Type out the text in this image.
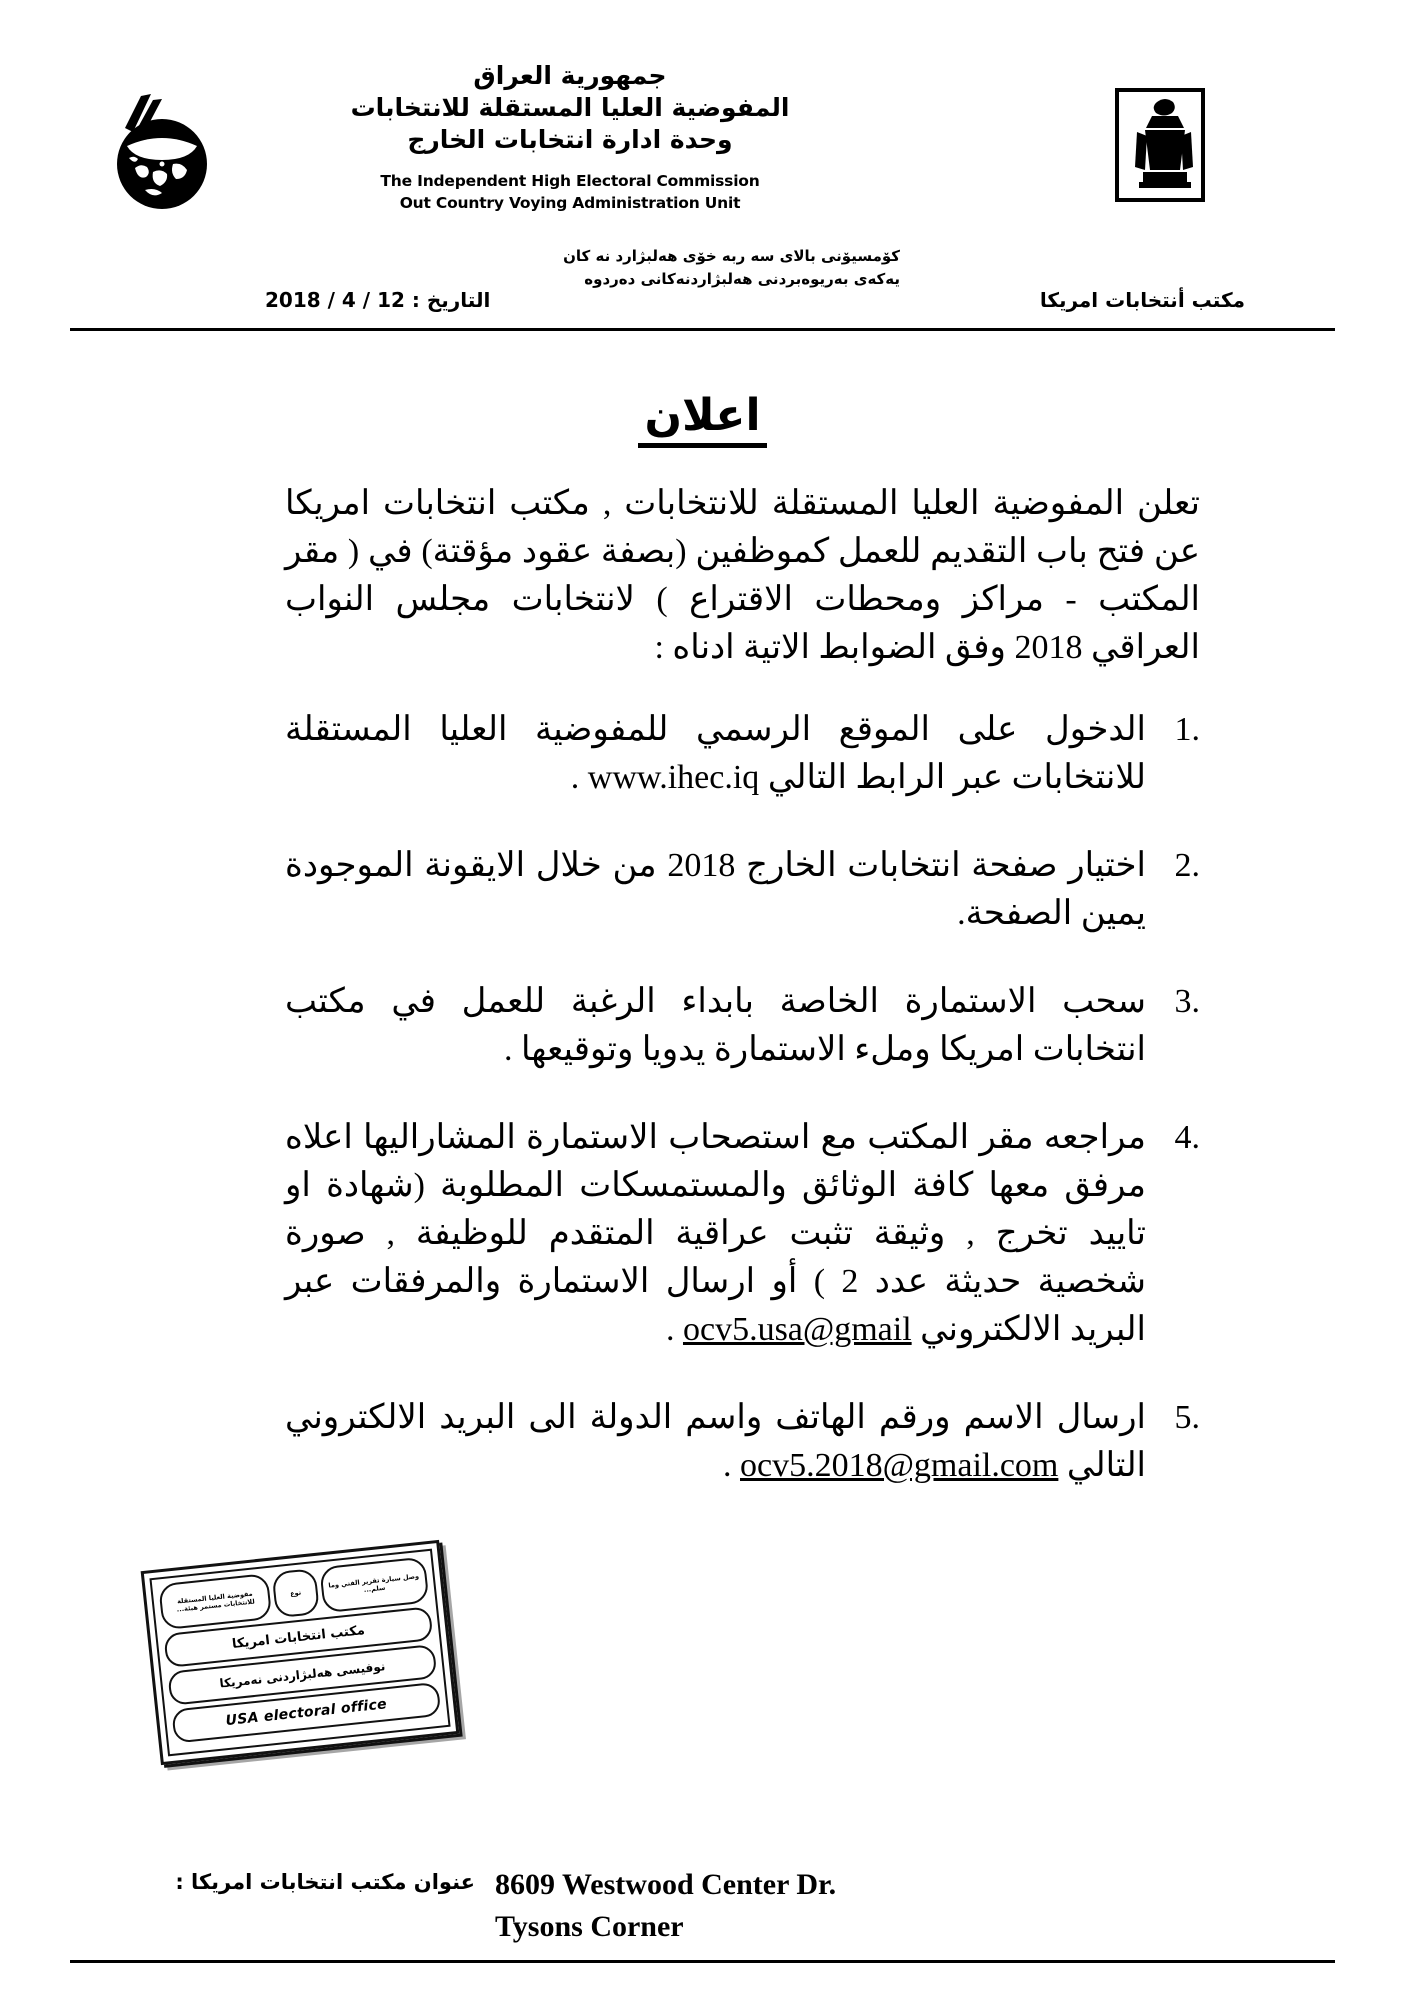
جمهورية العراق
المفوضية العليا المستقلة للانتخابات
وحدة ادارة انتخابات الخارج
The Independent High Electoral Commission
Out Country Voying Administration Unit
كۆمسیۆنی بالای سه ربه خۆی هەلبژارد نه كان
یەكەی بەریوەبردنی هەلبژاردنەكانی دەردوه
مكتب أنتخابات امريكا
التاريخ : 12 / 4 / 2018
اعلان

تعلن المفوضية العليا المستقلة للانتخابات , مكتب انتخابات امريكا عن فتح باب التقديم للعمل كموظفين (بصفة عقود مؤقتة) في ( مقر المكتب - مراكز ومحطات الاقتراع ) لانتخابات مجلس النواب العراقي 2018 وفق الضوابط الاتية ادناه :

الدخول على الموقع الرسمي للمفوضية العليا المستقلة للانتخابات عبر الرابط التالي www.ihec.iq .
اختيار صفحة انتخابات الخارج 2018 من خلال الايقونة الموجودة يمين الصفحة.
سحب الاستمارة الخاصة بابداء الرغبة للعمل في مكتب انتخابات امريكا وملء الاستمارة يدويا وتوقيعها .
مراجعه مقر المكتب مع استصحاب الاستمارة المشاراليها اعلاه مرفق معها كافة الوثائق والمستمسكات المطلوبة (شهادة او تاييد تخرج , وثيقة تثبت عراقية المتقدم للوظيفة , صورة شخصية حديثة عدد 2 ) أو ارسال الاستمارة والمرفقات عبر البريد الالكتروني ocv5.usa@gmail .
ارسال الاسم ورقم الهاتف واسم الدولة الى البريد الالكتروني التالي ocv5.2018@gmail.com .
مفوضية العليا المستقلة للانتخابات مستمر هيئة...
نوع
وصل سيارة تقرير الفني وما سلم...
مكتب انتخابات امريكا
نوفيسى هەلبژاردنى نەمريكا
USA electoral office
عنوان مكتب انتخابات امريكا : 8609 Westwood Center Dr.
Tysons Corner
